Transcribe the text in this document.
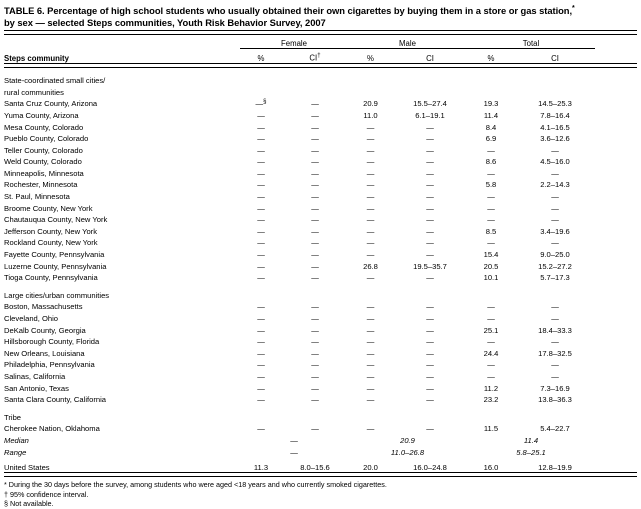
TABLE 6. Percentage of high school students who usually obtained their own cigarettes by buying them in a store or gas station,*
by sex — selected Steps communities, Youth Risk Behavior Survey, 2007

	Female		Male		Total		
Steps community	%	CI†	%	CI	%	CI	

State-coordinated small cities/							
rural communities							
Santa Cruz County, Arizona	—§	—	20.9	15.5–27.4	19.3	14.5–25.3	
Yuma County, Arizona	—	—	11.0	6.1–19.1	11.4	7.8–16.4	
Mesa County, Colorado	—	—	—	—	8.4	4.1–16.5	
Pueblo County, Colorado	—	—	—	—	6.9	3.6–12.6	
Teller County, Colorado	—	—	—	—	—	—	
Weld County, Colorado	—	—	—	—	8.6	4.5–16.0	
Minneapolis, Minnesota	—	—	—	—	—	—	
Rochester, Minnesota	—	—	—	—	5.8	2.2–14.3	
St. Paul, Minnesota	—	—	—	—	—	—	
Broome County, New York	—	—	—	—	—	—	
Chautauqua County, New York	—	—	—	—	—	—	
Jefferson County, New York	—	—	—	—	8.5	3.4–19.6	
Rockland County, New York	—	—	—	—	—	—	
Fayette County, Pennsylvania	—	—	—	—	15.4	9.0–25.0	
Luzerne County, Pennsylvania	—	—	26.8	19.5–35.7	20.5	15.2–27.2	
Tioga County, Pennsylvania	—	—	—	—	10.1	5.7–17.3	

Large cities/urban communities							
Boston, Massachusetts	—	—	—	—	—	—	
Cleveland, Ohio	—	—	—	—	—	—	
DeKalb County, Georgia	—	—	—	—	25.1	18.4–33.3	
Hillsborough County, Florida	—	—	—	—	—	—	
New Orleans, Louisiana	—	—	—	—	24.4	17.8–32.5	
Philadelphia, Pennsylvania	—	—	—	—	—	—	
Salinas, California	—	—	—	—	—	—	
San Antonio, Texas	—	—	—	—	11.2	7.3–16.9	
Santa Clara County, California	—	—	—	—	23.2	13.8–36.3	

Tribe							
Cherokee Nation, Oklahoma	—	—	—	—	11.5	5.4–22.7	
Median	—		20.9		11.4		
Range	—		11.0–26.8		5.8–25.1		

United States	11.3	8.0–15.6	20.0	16.0–24.8	16.0	12.8–19.9	

* During the 30 days before the survey, among students who were aged <18 years and who currently smoked cigarettes.
† 95% confidence interval.
§ Not available.
